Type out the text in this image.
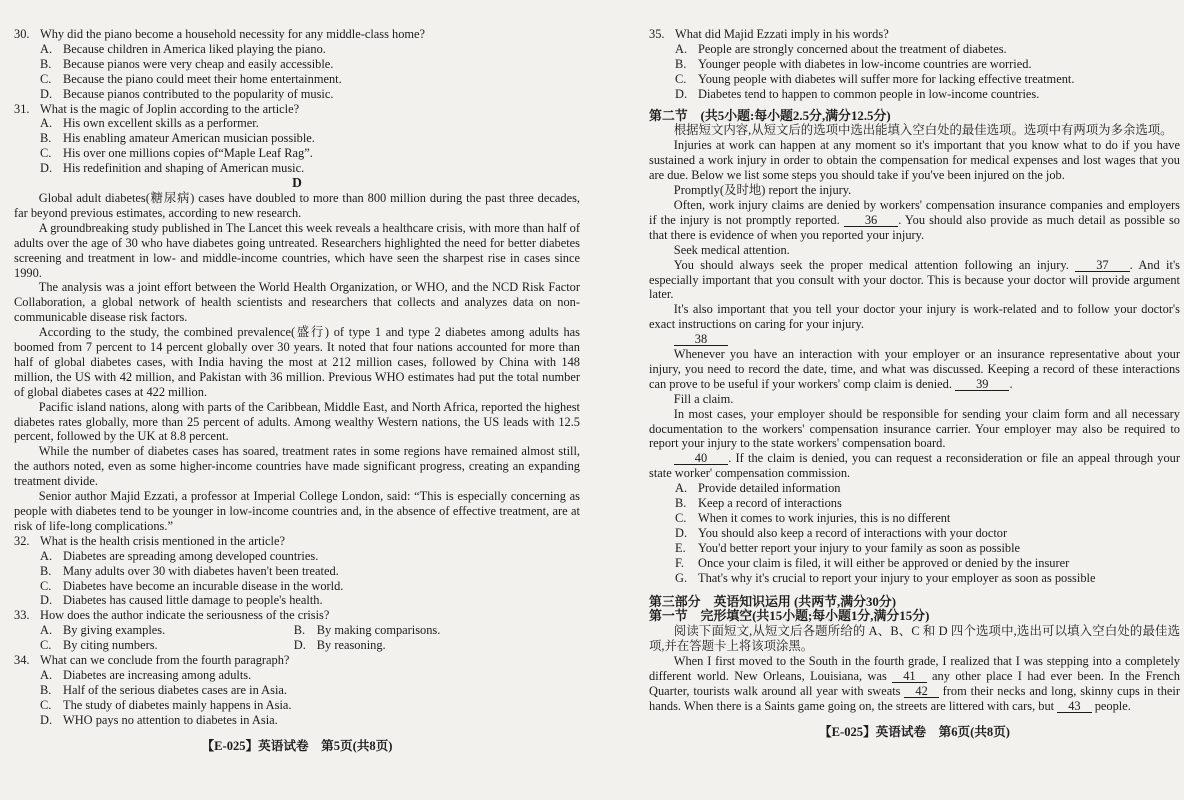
30. Why did the piano become a household necessity for any middle-class home?
A. Because children in America liked playing the piano.
B. Because pianos were very cheap and easily accessible.
C. Because the piano could meet their home entertainment.
D. Because pianos contributed to the popularity of music.
31. What is the magic of Joplin according to the article?
A. His own excellent skills as a performer.
B. His enabling amateur American musician possible.
C. His over one millions copies of“Maple Leaf Rag”.
D. His redefinition and shaping of American music.
D

Global adult diabetes(糖尿病) cases have doubled to more than 800 million during the past three decades, far beyond previous estimates, according to new research.

A groundbreaking study published in The Lancet this week reveals a healthcare crisis, with more than half of adults over the age of 30 who have diabetes going untreated. Researchers highlighted the need for better diabetes screening and treatment in low- and middle-income countries, which have seen the sharpest rise in cases since 1990.

The analysis was a joint effort between the World Health Organization, or WHO, and the NCD Risk Factor Collaboration, a global network of health scientists and researchers that collects and analyzes data on non-communicable disease risk factors.

According to the study, the combined prevalence(盛行) of type 1 and type 2 diabetes among adults has boomed from 7 percent to 14 percent globally over 30 years. It noted that four nations accounted for more than half of global diabetes cases, with India having the most at 212 million cases, followed by China with 148 million, the US with 42 million, and Pakistan with 36 million. Previous WHO estimates had put the total number of global diabetes cases at 422 million.

Pacific island nations, along with parts of the Caribbean, Middle East, and North Africa, reported the highest diabetes rates globally, more than 25 percent of adults. Among wealthy Western nations, the US leads with 12.5 percent, followed by the UK at 8.8 percent.

While the number of diabetes cases has soared, treatment rates in some regions have remained almost still, the authors noted, even as some higher-income countries have made significant progress, creating an expanding treatment divide.

Senior author Majid Ezzati, a professor at Imperial College London, said: “This is especially concerning as people with diabetes tend to be younger in low-income countries and, in the absence of effective treatment, are at risk of life-long complications.”

32. What is the health crisis mentioned in the article?
A. Diabetes are spreading among developed countries.
B. Many adults over 30 with diabetes haven't been treated.
C. Diabetes have become an incurable disease in the world.
D. Diabetes has caused little damage to people's health.
33. How does the author indicate the seriousness of the crisis?
A. By giving examples.	B. By making comparisons.
C. By citing numbers.	D. By reasoning.
34. What can we conclude from the fourth paragraph?
A. Diabetes are increasing among adults.
B. Half of the serious diabetes cases are in Asia.
C. The study of diabetes mainly happens in Asia.
D. WHO pays no attention to diabetes in Asia.
【E-025】英语试卷　第5页(共8页)
35. What did Majid Ezzati imply in his words?
A. People are strongly concerned about the treatment of diabetes.
B. Younger people with diabetes in low-income countries are worried.
C. Young people with diabetes will suffer more for lacking effective treatment.
D. Diabetes tend to happen to common people in low-income countries.

第二节　(共5小题:每小题2.5分,满分12.5分)

根据短文内容,从短文后的选项中选出能填入空白处的最佳选项。选项中有两项为多余选项。

Injuries at work can happen at any moment so it's important that you know what to do if you have sustained a work injury in order to obtain the compensation for medical expenses and lost wages that you are due. Below we list some steps you should take if you've been injured on the job.

Promptly(及时地) report the injury.

Often, work injury claims are denied by workers' compensation insurance companies and employers if the injury is not promptly reported. 36 . You should also provide as much detail as possible so that there is evidence of when you reported your injury.

Seek medical attention.

You should always seek the proper medical attention following an injury. 37 . And it's especially important that you consult with your doctor. This is because your doctor will provide argument later.

It's also important that you tell your doctor your injury is work-related and to follow your doctor's exact instructions on caring for your injury.

38

Whenever you have an interaction with your employer or an insurance representative about your injury, you need to record the date, time, and what was discussed. Keeping a record of these interactions can prove to be useful if your workers' comp claim is denied. 39 .

Fill a claim.

In most cases, your employer should be responsible for sending your claim form and all necessary documentation to the workers' compensation insurance carrier. Your employer may also be required to report your injury to the state workers' compensation board.

40 . If the claim is denied, you can request a reconsideration or file an appeal through your state worker' compensation commission.

A. Provide detailed information
B. Keep a record of interactions
C. When it comes to work injuries, this is no different
D. You should also keep a record of interactions with your doctor
E. You'd better report your injury to your family as soon as possible
F.	Once your claim is filed, it will either be approved or denied by the insurer
G. That's why it's crucial to report your injury to your employer as soon as possible

第三部分　英语知识运用 (共两节,满分30分)

第一节　完形填空(共15小题;每小题1分,满分15分)

阅读下面短文,从短文后各题所给的 A、B、C 和 D 四个选项中,选出可以填入空白处的最佳选项,并在答题卡上将该项涂黑。

When I first moved to the South in the fourth grade, I realized that I was stepping into a completely different world. New Orleans, Louisiana, was 41 any other place I had ever been. In the French Quarter, tourists walk around all year with sweats 42 from their necks and long, skinny cups in their hands. When there is a Saints game going on, the streets are littered with cars, but 43 people.

【E-025】英语试卷　第6页(共8页)
